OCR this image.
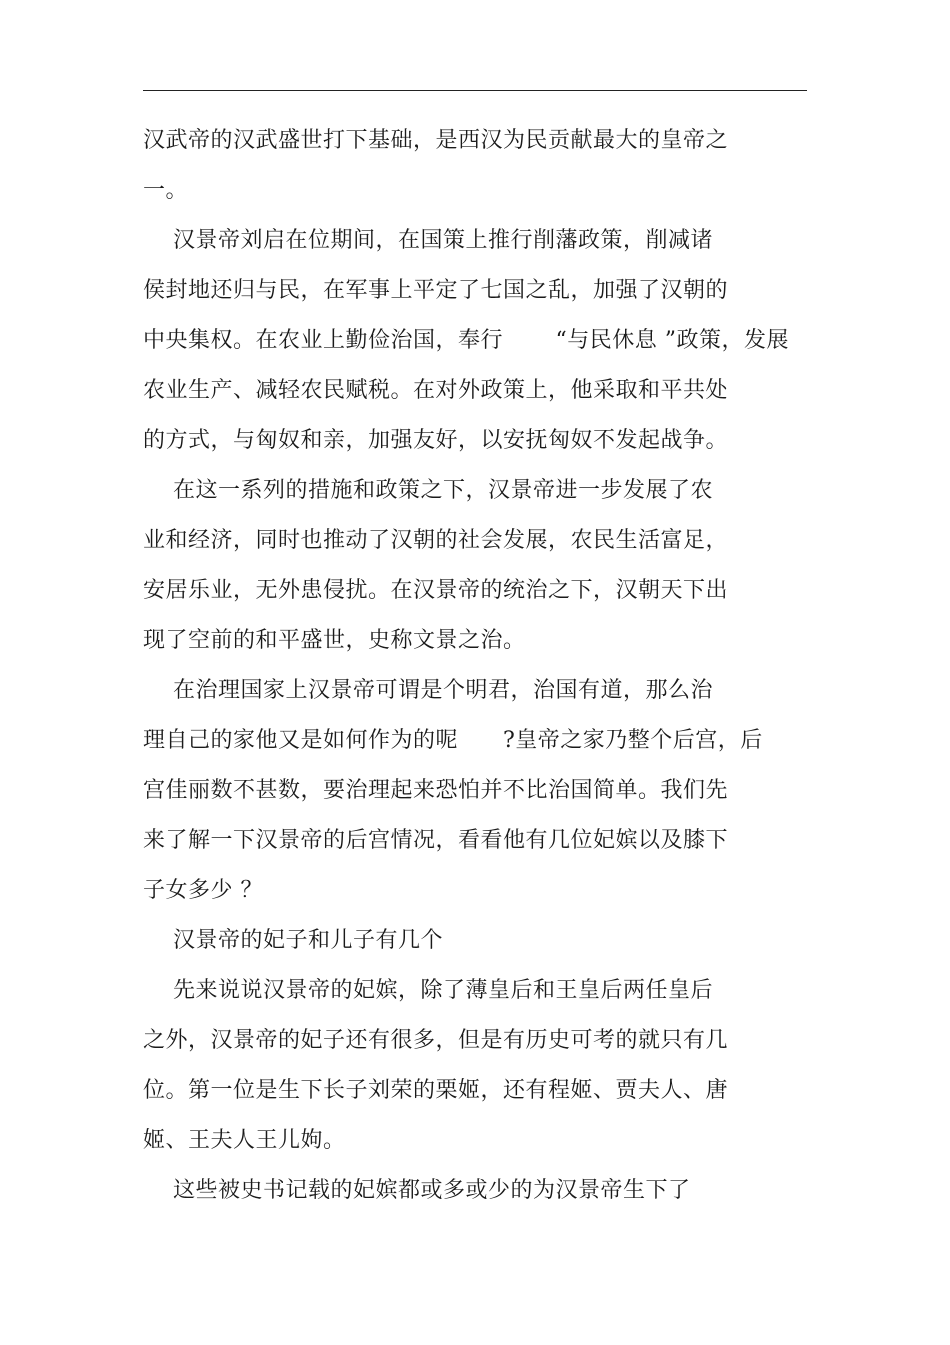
汉武帝的汉武盛世打下基础，是西汉为民贡献最大的皇帝之
一。
汉景帝刘启在位期间，在国策上推行削藩政策，削减诸
侯封地还归与民，在军事上平定了七国之乱，加强了汉朝的
中央集权。在农业上勤俭治国，奉行       “与民休息 ”政策，发展
农业生产、减轻农民赋税。在对外政策上，他采取和平共处
的方式，与匈奴和亲，加强友好，以安抚匈奴不发起战争。
在这一系列的措施和政策之下，汉景帝进一步发展了农
业和经济，同时也推动了汉朝的社会发展，农民生活富足，
安居乐业，无外患侵扰。在汉景帝的统治之下，汉朝天下出
现了空前的和平盛世，史称文景之治。
在治理国家上汉景帝可谓是个明君，治国有道，那么治
理自己的家他又是如何作为的呢      ?皇帝之家乃整个后宫，后
宫佳丽数不甚数，要治理起来恐怕并不比治国简单。我们先
来了解一下汉景帝的后宫情况，看看他有几位妃嫔以及膝下
子女多少 ？
汉景帝的妃子和儿子有几个
先来说说汉景帝的妃嫔，除了薄皇后和王皇后两任皇后
之外，汉景帝的妃子还有很多，但是有历史可考的就只有几
位。第一位是生下长子刘荣的栗姬，还有程姬、贾夫人、唐
姬、王夫人王儿姁。
这些被史书记载的妃嫔都或多或少的为汉景帝生下了
